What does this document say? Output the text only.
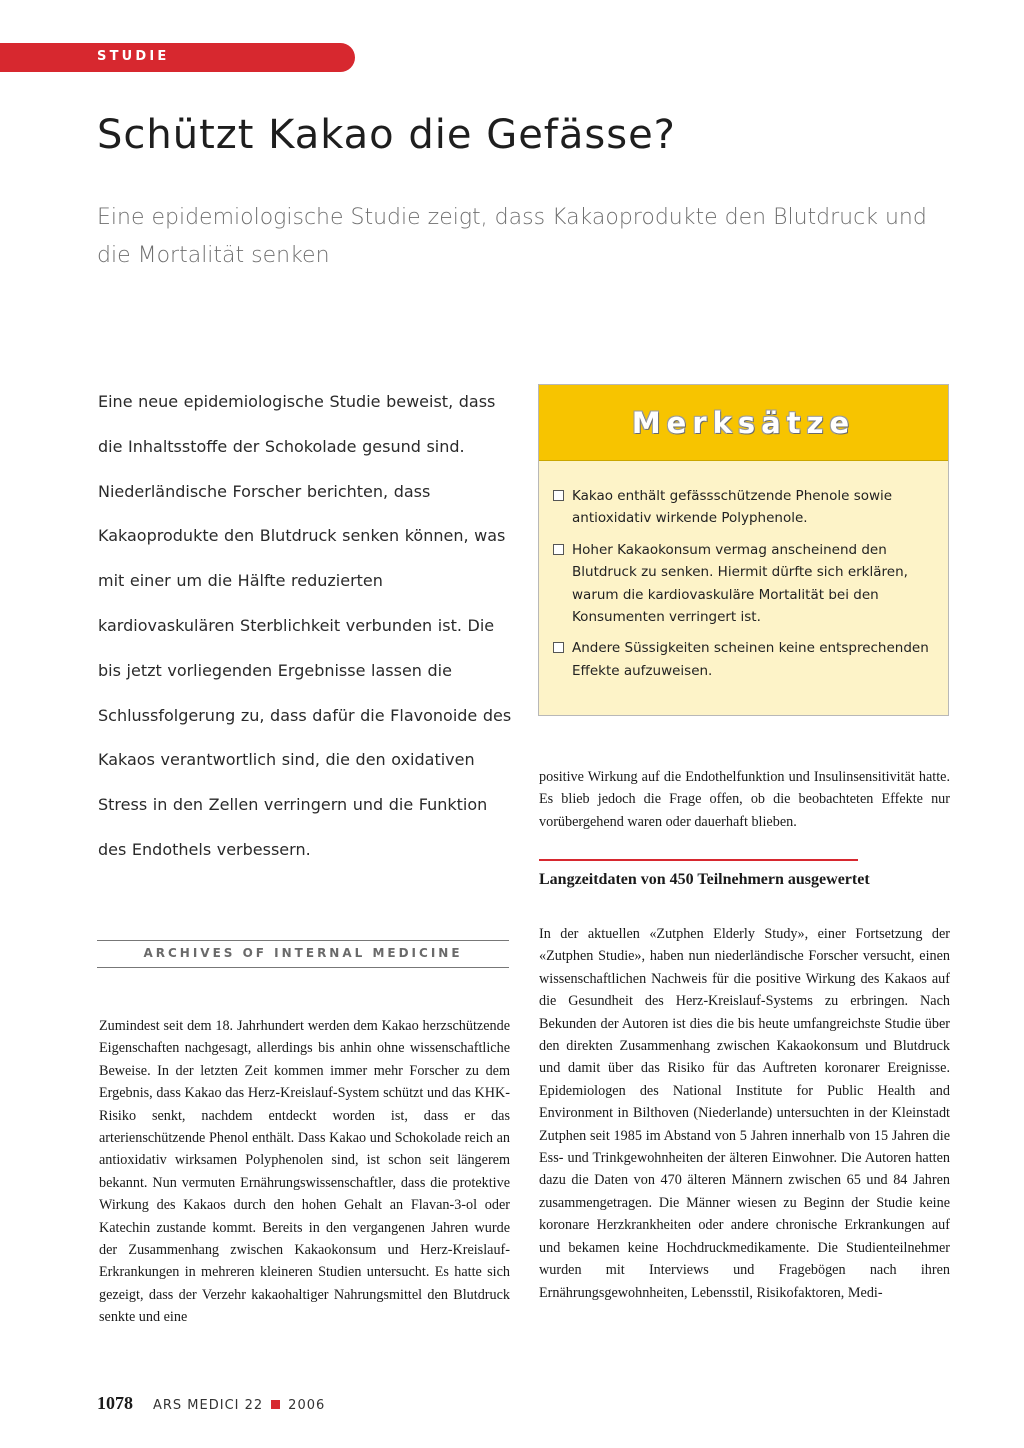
STUDIE
Schützt Kakao die Gefässe?

Eine epidemiologische Studie zeigt, dass Kakaoprodukte den Blutdruck und die Mortalität senken

Eine neue epidemiologische Studie beweist, dass die Inhaltsstoffe der Schokolade gesund sind. Niederländische Forscher berichten, dass Kakaoprodukte den Blutdruck senken können, was mit einer um die Hälfte reduzierten kardiovaskulären Sterblichkeit verbunden ist. Die bis jetzt vorliegenden Ergebnisse lassen die Schlussfolgerung zu, dass dafür die Flavonoide des Kakaos verantwortlich sind, die den oxidativen Stress in den Zellen verringern und die Funktion des Endothels verbessern.

ARCHIVES OF INTERNAL MEDICINE

Zumindest seit dem 18. Jahrhundert werden dem Kakao herzschützende Eigenschaften nachgesagt, allerdings bis anhin ohne wissenschaftliche Beweise. In der letzten Zeit kommen immer mehr Forscher zu dem Ergebnis, dass Kakao das Herz-Kreislauf-System schützt und das KHK-Risiko senkt, nachdem entdeckt worden ist, dass er das arterienschützende Phenol enthält. Dass Kakao und Schokolade reich an antioxidativ wirksamen Polyphenolen sind, ist schon seit längerem bekannt. Nun vermuten Ernährungswissenschaftler, dass die protektive Wirkung des Kakaos durch den hohen Gehalt an Flavan-3-ol oder Katechin zustande kommt. Bereits in den vergangenen Jahren wurde der Zusammenhang zwischen Kakaokonsum und Herz-Kreislauf-Erkrankungen in mehreren kleineren Studien untersucht. Es hatte sich gezeigt, dass der Verzehr kakaohaltiger Nahrungsmittel den Blutdruck senkte und eine

Merksätze
Kakao enthält gefässschützende Phenole sowie antioxidativ wirkende Polyphenole.
Hoher Kakaokonsum vermag anscheinend den Blutdruck zu senken. Hiermit dürfte sich erklären, warum die kardiovaskuläre Mortalität bei den Konsumenten verringert ist.
Andere Süssigkeiten scheinen keine entsprechenden Effekte aufzuweisen.

positive Wirkung auf die Endothelfunktion und Insulinsensitivität hatte. Es blieb jedoch die Frage offen, ob die beobachteten Effekte nur vorübergehend waren oder dauerhaft blieben.

Langzeitdaten von 450 Teilnehmern ausgewertet

In der aktuellen «Zutphen Elderly Study», einer Fortsetzung der «Zutphen Studie», haben nun niederländische Forscher versucht, einen wissenschaftlichen Nachweis für die positive Wirkung des Kakaos auf die Gesundheit des Herz-Kreislauf-Systems zu erbringen. Nach Bekunden der Autoren ist dies die bis heute umfangreichste Studie über den direkten Zusammenhang zwischen Kakaokonsum und Blutdruck und damit über das Risiko für das Auftreten koronarer Ereignisse. Epidemiologen des National Institute for Public Health and Environment in Bilthoven (Niederlande) untersuchten in der Kleinstadt Zutphen seit 1985 im Abstand von 5 Jahren innerhalb von 15 Jahren die Ess- und Trinkgewohnheiten der älteren Einwohner. Die Autoren hatten dazu die Daten von 470 älteren Männern zwischen 65 und 84 Jahren zusammengetragen. Die Männer wiesen zu Beginn der Studie keine koronare Herzkrankheiten oder andere chronische Erkrankungen auf und bekamen keine Hochdruckmedikamente. Die Studienteilnehmer wurden mit Interviews und Fragebögen nach ihren Ernährungsgewohnheiten, Lebensstil, Risikofaktoren, Medi-

1078 ARS MEDICI 22 2006
